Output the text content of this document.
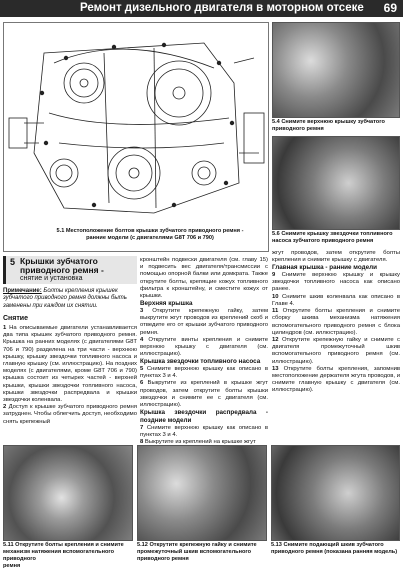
Ремонт дизельного двигателя в моторном отсеке 69
5.1 Местоположение болтов крышки зубчатого приводного ремня -
ранние модели (с двигателями G8T 706 и 790)
5.4 Снимите верхнюю крышку зубчатого
приводного ремня
5.6 Снимите крышку звездочки топливного
насоса зубчатого приводного ремня
5 Крышки зубчатого приводного ремня -
снятие и установка
Примечание: Болты крепления крышек зубчатого приводного ремня должны быть заменены при каждом их снятии.
Снятие

1 На описываемые двигатели устанавливается два типа крышек зубчатого приводного ремня. Крышка на ранних моделях (с двигателями G8T 706 и 790) разделена на три части - верхнюю крышку, крышку звездочки топливного насоса и главную крышку (см. иллюстрацию). На поздних моделях (с двигателями, кроме G8T 706 и 790) крышка состоит из четырех частей - верхней крышки, крышки звездочки топливного насоса, крышки звездочки распредвала и крышки звездочки коленвала.

2 Доступ к крышке зубчатого приводного ремня затруднен. Чтобы облегчить доступ, необходимо снять крепежный

кронштейн подвески двигателя (см. главу 15) и подвесить вес двигателя/трансмиссии с помощью опорной балки или домкрата. Также открутите болты, крепящие кожух топливного фильтра к кронштейну, и сместите кожух от крышки.

Верхняя крышка

3 Открутите крепежную гайку, затем выкрутите жгут проводов из креплений скоб и отведите его от крышки зубчатого приводного ремня.

4 Открутите винты крепления и снимите верхнюю крышку с двигателя (см. иллюстрацию).

Крышка звездочки топливного насоса

5 Снимите верхнюю крышку как описано в пунктах 3 и 4.

6 Выкрутите из креплений в крышке жгут проводов, затем открутите болты крышки звездочки и снимите ее с двигателя (см. иллюстрацию).

Крышка звездочки распредвала - поздние модели

7 Снимите верхнюю крышку как описано в пунктах 3 и 4.

8 Выкрутите из креплений на крышке жгут

жгут проводов, затем открутите болты крепления и снимите крышку с двигателя.

Главная крышка - ранние модели

9 Снимите верхнюю крышку и крышку звездочки топливного насоса как описано ранее.

10 Снимите шкив коленвала как описано в Главе 4.

11 Открутите болты крепления и снимите сборку шкива механизма натяжения вспомогательного приводного ремня с блока цилиндров (см. иллюстрацию).

12 Открутите крепежную гайку и снимите с двигателя промежуточный шкив вспомогательного приводного ремня (см. иллюстрацию).

13 Открутите болты крепления, запомнив местоположение держателя жгута проводов, и снимите главную крышку с двигателя (см. иллюстрацию).

5.11 Открутите болты крепления и снимите
механизм натяжения вспомогательного приводного
ремня
5.12 Открутите крепежную гайку и снимите
промежуточный шкив вспомогательного
приводного ремня
5.13 Снимите подающий шкив зубчатого
приводного ремня (показана ранняя модель)
